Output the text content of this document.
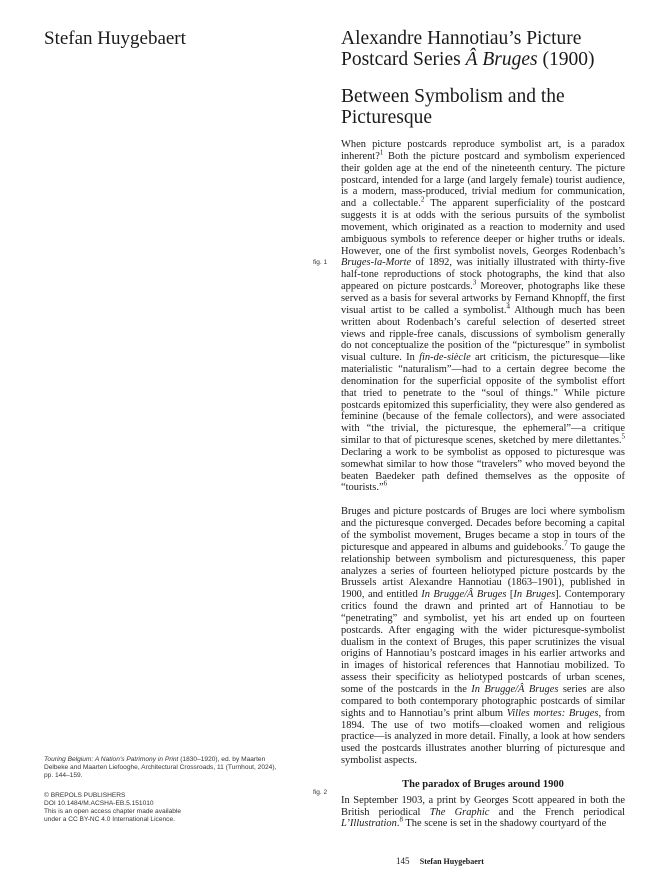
Stefan Huygebaert	Alexandre Hannotiau’s Picture Postcard Series Â Bruges (1900)
Between Symbolism and the Picturesque
fig. 1
fig. 2

When picture postcards reproduce symbolist art, is a paradox inherent?$^1$ Both the picture postcard and symbolism experienced their golden age at the end of the nineteenth century. The picture postcard, intended for a large (and largely female) tourist audience, is a modern, mass-produced, trivial medium for communication, and a collectable.$^2$ The apparent superficiality of the postcard suggests it is at odds with the serious pursuits of the symbolist movement, which originated as a reaction to modernity and used ambiguous symbols to reference deeper or higher truths or ideals. However, one of the first symbolist novels, Georges Rodenbach’s Bruges-la-Morte of 1892, was initially illustrated with thirty-five half-tone reproductions of stock photographs, the kind that also appeared on picture postcards.$^3$ Moreover, photographs like these served as a basis for several artworks by Fernand Khnopff, the first visual artist to be called a symbolist.$^4$ Although much has been written about Rodenbach’s careful selection of deserted street views and ripple-free canals, discussions of symbolism generally do not conceptualize the position of the “picturesque” in symbolist visual culture. In fin-de-siècle art criticism, the picturesque—like materialistic “naturalism”—had to a certain degree become the denomination for the superficial opposite of the symbolist effort that tried to penetrate to the “soul of things.” While picture postcards epitomized this superficiality, they were also gendered as feminine (because of the female collectors), and were associated with “the trivial, the picturesque, the ephemeral”—a critique similar to that of picturesque scenes, sketched by mere dilettantes.$^5$ Declaring a work to be symbolist as opposed to picturesque was somewhat similar to how those “travelers” who moved beyond the beaten Baedeker path defined themselves as the opposite of “tourists.”$^6$

Bruges and picture postcards of Bruges are loci where symbolism and the picturesque converged. Decades before becoming a capital of the symbolist movement, Bruges became a stop in tours of the picturesque and appeared in albums and guidebooks.$^7$ To gauge the relationship between symbolism and picturesqueness, this paper analyzes a series of fourteen heliotyped picture postcards by the Brussels artist Alexandre Hannotiau (1863–1901), published in 1900, and entitled In Brugge/Â Bruges [In Bruges]. Contemporary critics found the drawn and printed art of Hannotiau to be “penetrating” and symbolist, yet his art ended up on fourteen postcards. After engaging with the wider picturesque-symbolist dualism in the context of Bruges, this paper scrutinizes the visual origins of Hannotiau’s postcard images in his earlier artworks and in images of historical references that Hannotiau mobilized. To assess their specificity as heliotyped postcards of urban scenes, some of the postcards in the In Brugge/Â Bruges series are also compared to both contemporary photographic postcards of similar sights and to Hannotiau’s print album Villes mortes: Bruges, from 1894. The use of two motifs—cloaked women and religious practice—is analyzed in more detail. Finally, a look at how senders used the postcards illustrates another blurring of picturesque and symbolist aspects.

The paradox of Bruges around 1900

In September 1903, a print by Georges Scott appeared in both the British periodical The Graphic and the French periodical L’Illustration.$^8$ The scene is set in the shadowy courtyard of the

Touring Belgium: A Nation’s Patrimony in Print (1830–1920), ed. by Maarten Delbeke and Maarten Liefooghe, Architectural Crossroads, 11 (Turnhout, 2024), pp. 144–159.
© BREPOLS PUBLISHERS
DOI 10.1484/M.ACSHA-EB.5.151010
This is an open access chapter made available
under a CC BY-NC 4.0 International Licence.
145 Stefan Huygebaert
